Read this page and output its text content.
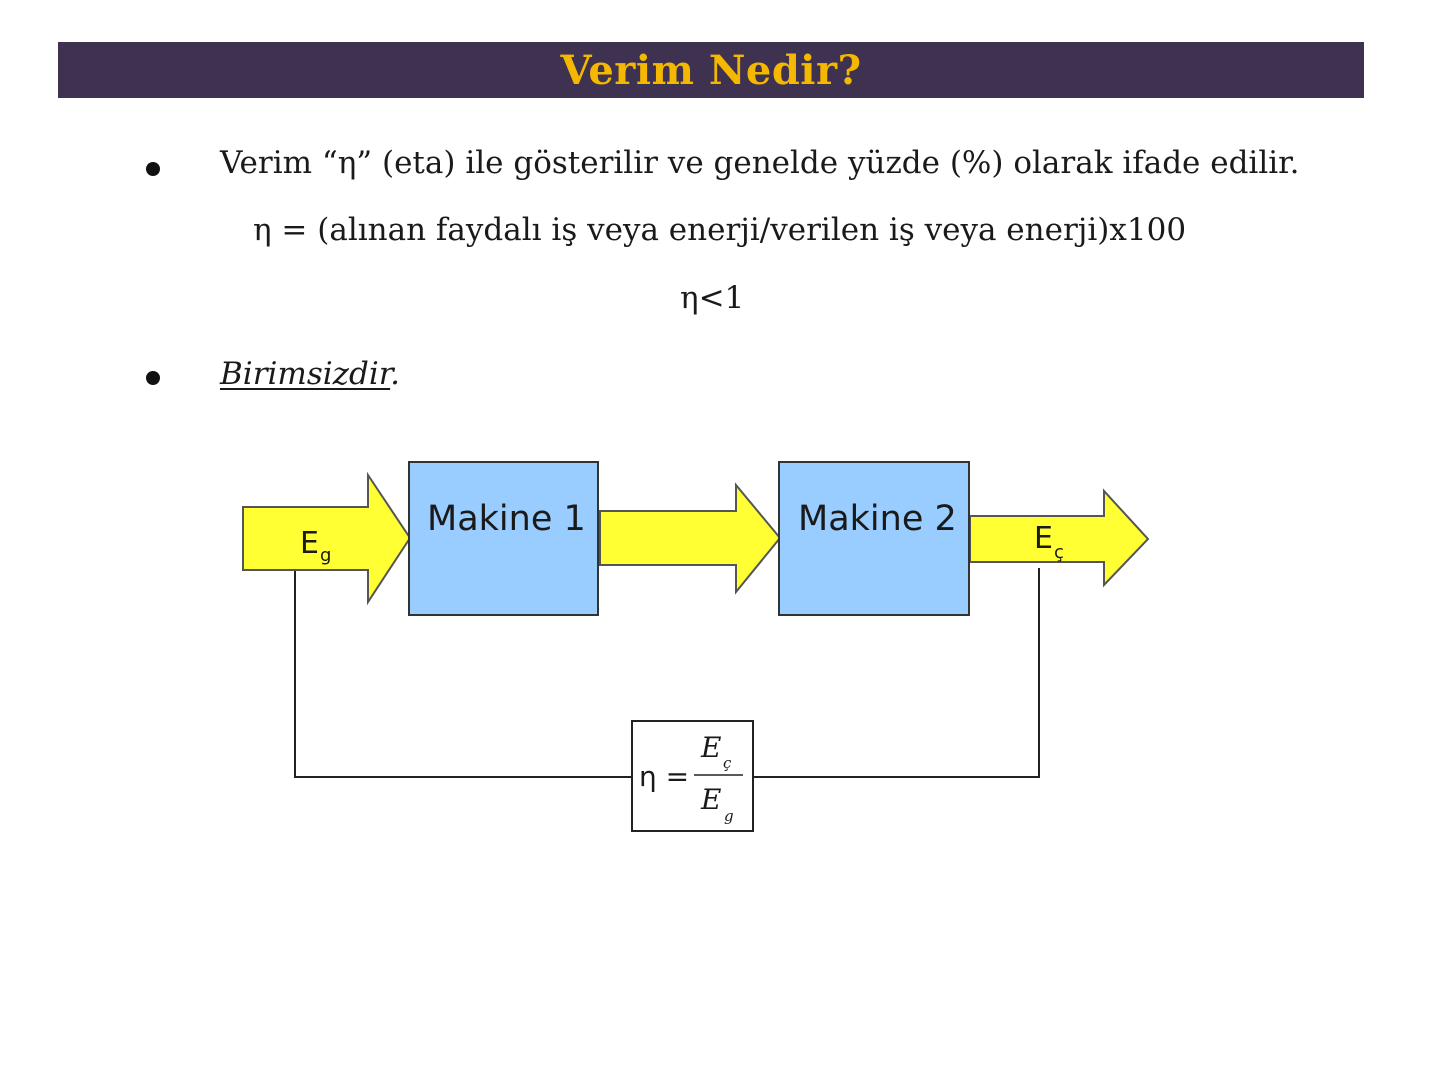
Verim Nedir?
Verim “η” (eta) ile gösterilir ve genelde yüzde (%) olarak ifade edilir.
η = (alınan faydalı iş veya enerji/verilen iş veya enerji)x100
η<1
Birimsizdir.
Makine 1	Makine 2
E g	E ç
η =
E ç
E g
